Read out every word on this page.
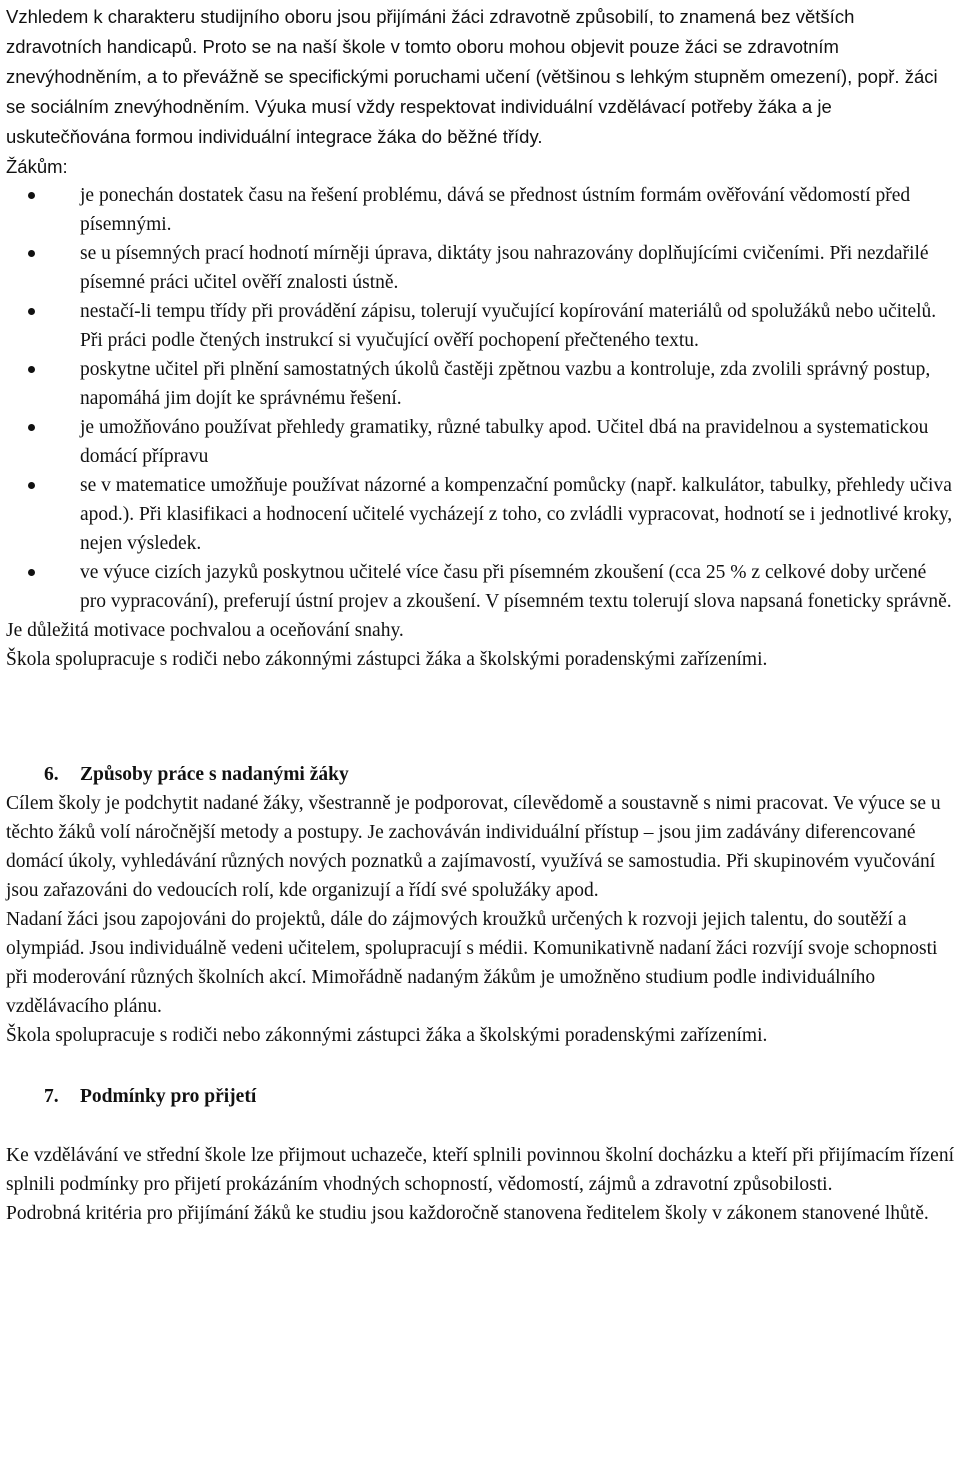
Vzhledem k charakteru studijního oboru jsou přijímáni žáci zdravotně způsobilí, to znamená bez větších zdravotních handicapů. Proto se na naší škole v tomto oboru mohou objevit pouze žáci se zdravotním znevýhodněním, a to převážně se specifickými poruchami učení (většinou s lehkým stupněm omezení), popř. žáci se sociálním znevýhodněním. Výuka musí vždy respektovat individuální vzdělávací potřeby žáka a je uskutečňována formou individuální integrace žáka do běžné třídy.

Žákům:

je ponechán dostatek času na řešení problému, dává se přednost ústním formám ověřování vědomostí před písemnými.
se u písemných prací hodnotí mírněji úprava, diktáty jsou nahrazovány doplňujícími cvičeními. Při nezdařilé písemné práci učitel ověří znalosti ústně.
nestačí-li tempu třídy při provádění zápisu, tolerují vyučující kopírování materiálů od spolužáků nebo učitelů. Při práci podle čtených instrukcí si vyučující ověří pochopení přečteného textu.
poskytne učitel při plnění samostatných úkolů častěji zpětnou vazbu a kontroluje, zda zvolili správný postup, napomáhá jim dojít ke správnému řešení.
je umožňováno používat přehledy gramatiky, různé tabulky apod. Učitel dbá na pravidelnou a systematickou domácí přípravu
se v matematice umožňuje používat názorné a kompenzační pomůcky (např. kalkulátor, tabulky, přehledy učiva apod.). Při klasifikaci a hodnocení učitelé vycházejí z toho, co zvládli vypracovat, hodnotí se i jednotlivé kroky, nejen výsledek.
ve výuce cizích jazyků poskytnou učitelé více času při písemném zkoušení (cca 25 % z celkové doby určené pro vypracování), preferují ústní projev a zkoušení. V písemném textu tolerují slova napsaná foneticky správně.

Je důležitá motivace pochvalou a oceňování snahy.

Škola spolupracuje s rodiči nebo zákonnými zástupci žáka a školskými poradenskými zařízeními.

6. Způsoby práce s nadanými žáky

Cílem školy je podchytit nadané žáky, všestranně je podporovat, cílevědomě a soustavně s nimi pracovat. Ve výuce se u těchto žáků volí náročnější metody a postupy. Je zachováván individuální přístup – jsou jim zadávány diferencované domácí úkoly, vyhledávání různých nových poznatků a zajímavostí, využívá se samostudia. Při skupinovém vyučování jsou zařazováni do vedoucích rolí, kde organizují a řídí své spolužáky apod.

Nadaní žáci jsou zapojováni do projektů, dále do zájmových kroužků určených k rozvoji jejich talentu, do soutěží a olympiád. Jsou individuálně vedeni učitelem, spolupracují s médii. Komunikativně nadaní žáci rozvíjí svoje schopnosti při moderování různých školních akcí. Mimořádně nadaným žákům je umožněno studium podle individuálního vzdělávacího plánu.

Škola spolupracuje s rodiči nebo zákonnými zástupci žáka a školskými poradenskými zařízeními.

7. Podmínky pro přijetí

Ke vzdělávání ve střední škole lze přijmout uchazeče, kteří splnili povinnou školní docházku a kteří při přijímacím řízení splnili podmínky pro přijetí prokázáním vhodných schopností, vědomostí, zájmů a zdravotní způsobilosti.

Podrobná kritéria pro přijímání žáků ke studiu jsou každoročně stanovena ředitelem školy v zákonem stanovené lhůtě.
